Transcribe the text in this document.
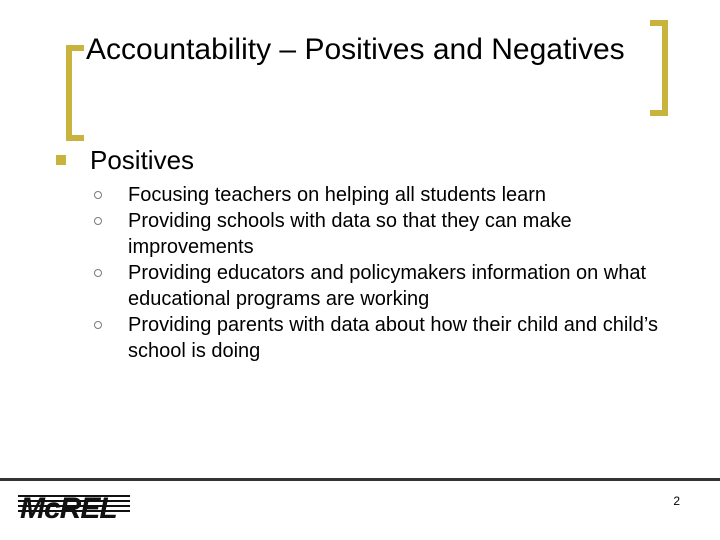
Accountability – Positives and Negatives
Positives
Focusing teachers on helping all students learn
Providing schools with data so that they can make improvements
Providing educators and policymakers information on what educational programs are working
Providing parents with data about how their child and child’s school is doing
McREL	2
